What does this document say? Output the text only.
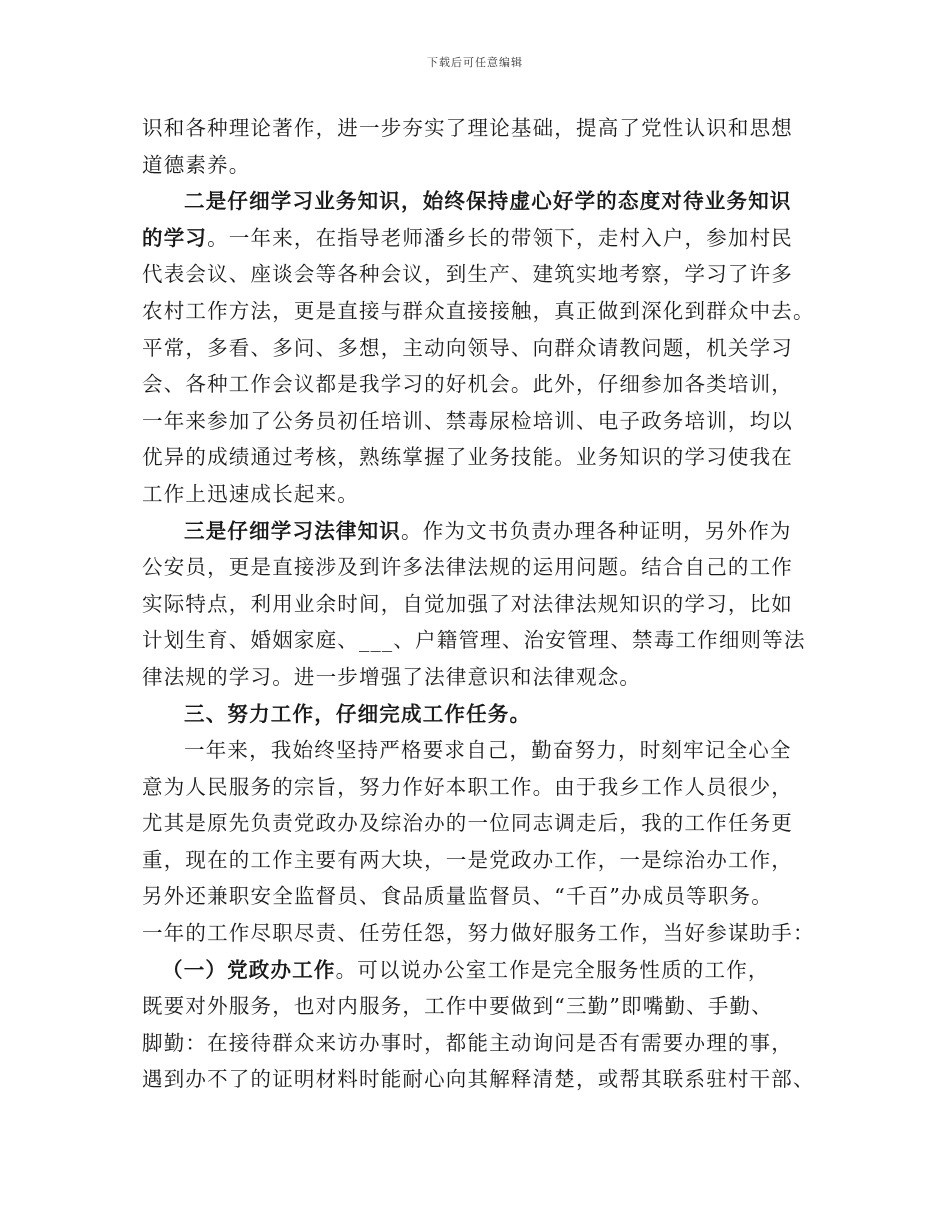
下载后可任意编辑
识和各种理论著作，进一步夯实了理论基础，提高了党性认识和思想
道德素养。
二是仔细学习业务知识，始终保持虚心好学的态度对待业务知识
的学习。一年来，在指导老师潘乡长的带领下，走村入户，参加村民
代表会议、座谈会等各种会议，到生产、建筑实地考察，学习了许多
农村工作方法，更是直接与群众直接接触，真正做到深化到群众中去。
平常，多看、多问、多想，主动向领导、向群众请教问题，机关学习
会、各种工作会议都是我学习的好机会。此外，仔细参加各类培训，
一年来参加了公务员初任培训、禁毒尿检培训、电子政务培训，均以
优异的成绩通过考核，熟练掌握了业务技能。业务知识的学习使我在
工作上迅速成长起来。
三是仔细学习法律知识。作为文书负责办理各种证明，另外作为
公安员，更是直接涉及到许多法律法规的运用问题。结合自己的工作
实际特点，利用业余时间，自觉加强了对法律法规知识的学习，比如
计划生育、婚姻家庭、___、户籍管理、治安管理、禁毒工作细则等法
律法规的学习。进一步增强了法律意识和法律观念。
三、努力工作，仔细完成工作任务。
一年来，我始终坚持严格要求自己，勤奋努力，时刻牢记全心全
意为人民服务的宗旨，努力作好本职工作。由于我乡工作人员很少，
尤其是原先负责党政办及综治办的一位同志调走后，我的工作任务更
重，现在的工作主要有两大块，一是党政办工作，一是综治办工作，
另外还兼职安全监督员、食品质量监督员、“千百”办成员等职务。
一年的工作尽职尽责、任劳任怨，努力做好服务工作，当好参谋助手：
（一）党政办工作。可以说办公室工作是完全服务性质的工作，
既要对外服务，也对内服务，工作中要做到“三勤”即嘴勤、手勤、
脚勤：在接待群众来访办事时，都能主动询问是否有需要办理的事，
遇到办不了的证明材料时能耐心向其解释清楚，或帮其联系驻村干部、
